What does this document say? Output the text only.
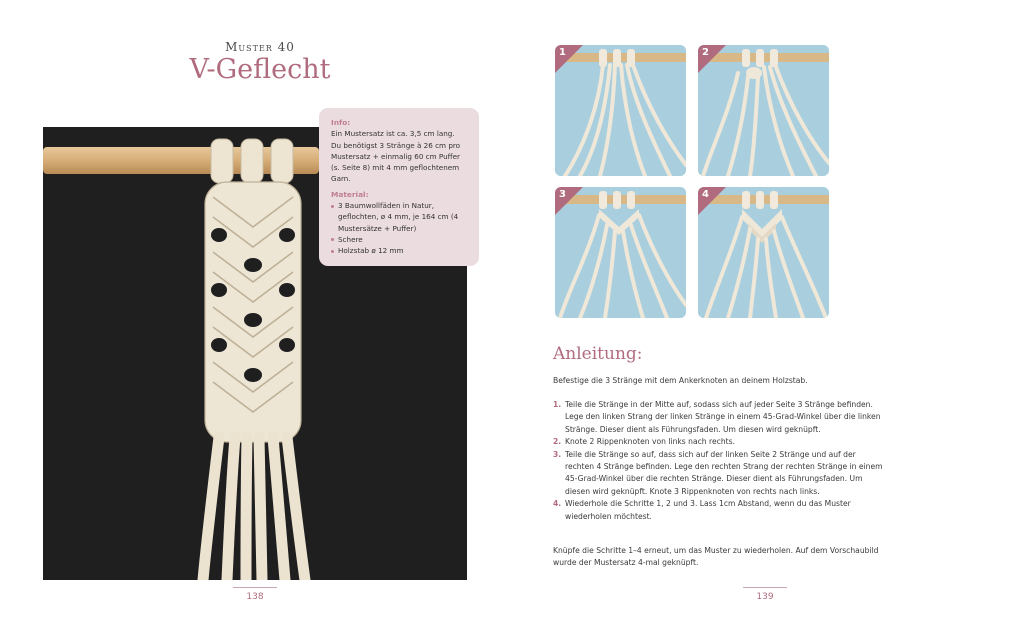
Muster 40
V-Geflecht
Info:
Ein Mustersatz ist ca. 3,5 cm lang.
Du benötigst 3 Stränge à 26 cm pro
Mustersatz + einmalig 60 cm Puffer
(s. Seite 8) mit 4 mm geflochtenem
Garn.
Material:
3 Baumwollfäden in Natur, geflochten, ø 4 mm, je 164 cm (4 Mustersätze + Puffer)
Schere
Holzstab ø 12 mm
138
1	2
3	4
Anleitung:
Befestige die 3 Stränge mit dem Ankerknoten an deinem Holzstab.
1. Teile die Stränge in der Mitte auf, sodass sich auf jeder Seite 3 Stränge befinden. Lege den linken Strang der linken Stränge in einem 45-Grad-Winkel über die linken Stränge. Dieser dient als Führungsfaden. Um diesen wird geknüpft.
2. Knote 2 Rippenknoten von links nach rechts.
3. Teile die Stränge so auf, dass sich auf der linken Seite 2 Stränge und auf der rechten 4 Stränge befinden. Lege den rechten Strang der rechten Stränge in einem 45-Grad-Winkel über die rechten Stränge. Dieser dient als Führungsfaden. Um diesen wird geknüpft. Knote 3 Rippenknoten von rechts nach links.
4. Wiederhole die Schritte 1, 2 und 3. Lass 1cm Abstand, wenn du das Muster wiederholen möchtest.
Knüpfe die Schritte 1–4 erneut, um das Muster zu wiederholen. Auf dem Vorschaubild wurde der Mustersatz 4-mal geknüpft.
139
